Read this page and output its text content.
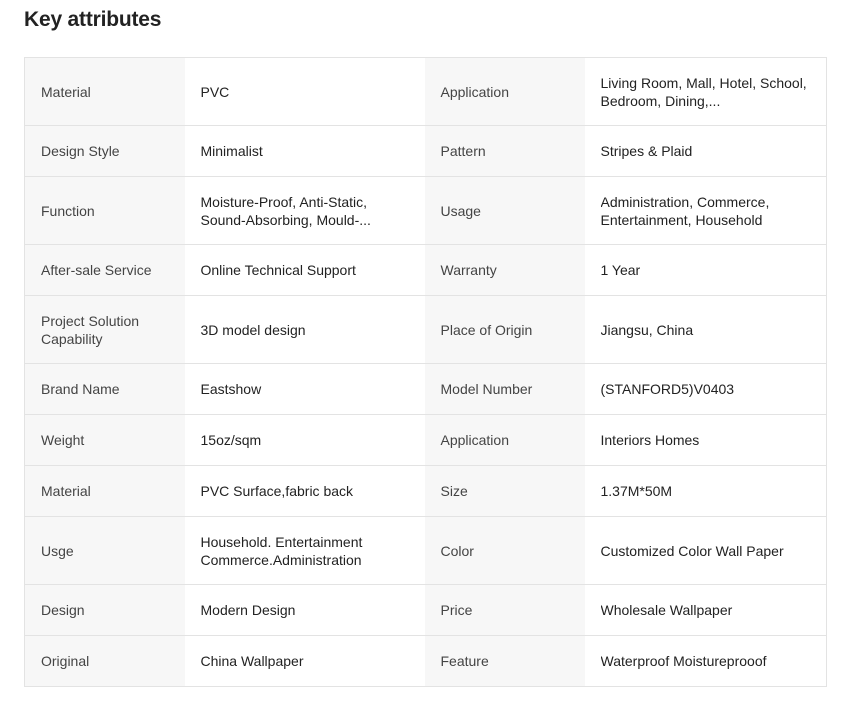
Key attributes
Material	PVC	Application	Living Room, Mall, Hotel, School, Bedroom, Dining,...

Design Style	Minimalist	Pattern	Stripes & Plaid

Function	Moisture-Proof, Anti-Static, Sound-Absorbing, Mould-...	Usage	Administration, Commerce, Entertainment, Household

After-sale Service	Online Technical Support	Warranty	1 Year

Project Solution Capability	3D model design	Place of Origin	Jiangsu, China

Brand Name	Eastshow	Model Number	(STANFORD5)V0403

Weight	15oz/sqm	Application	Interiors Homes

Material	PVC Surface,fabric back	Size	1.37M*50M

Usge	Household. Entertainment Commerce.Administration	Color	Customized Color Wall Paper

Design	Modern Design	Price	Wholesale Wallpaper

Original	China Wallpaper	Feature	Waterproof Moistureprooof
